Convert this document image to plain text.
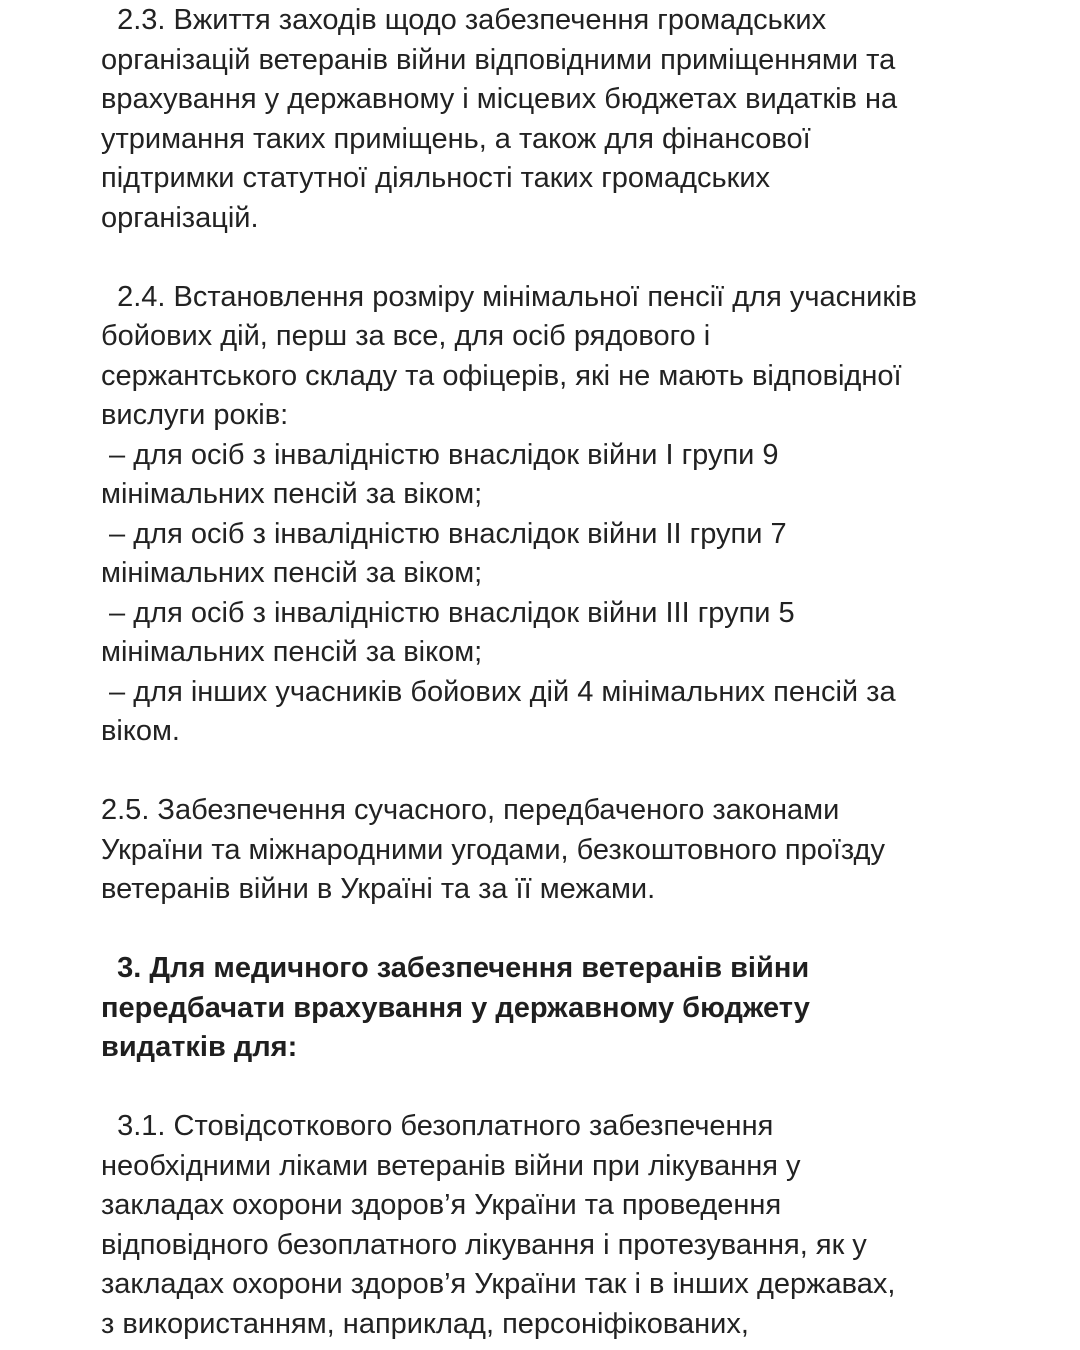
2.3. Вжиття заходів щодо забезпечення громадських
організацій ветеранів війни відповідними приміщеннями та
врахування у державному і місцевих бюджетах видатків на
утримання таких приміщень, а також для фінансової
підтримки статутної діяльності таких громадських
організацій.
2.4. Встановлення розміру мінімальної пенсії для учасників
бойових дій, перш за все, для осіб рядового і
сержантського складу та офіцерів, які не мають відповідної
вислуги років:
– для осіб з інвалідністю внаслідок війни І групи 9
мінімальних пенсій за віком;
– для осіб з інвалідністю внаслідок війни ІІ групи 7
мінімальних пенсій за віком;
– для осіб з інвалідністю внаслідок війни ІІІ групи 5
мінімальних пенсій за віком;
– для інших учасників бойових дій 4 мінімальних пенсій за
віком.
2.5. Забезпечення сучасного, передбаченого законами
України та міжнародними угодами, безкоштовного проїзду
ветеранів війни в Україні та за її межами.
3. Для медичного забезпечення ветеранів війни
передбачати врахування у державному бюджету
видатків для:
3.1. Стовідсоткового безоплатного забезпечення
необхідними ліками ветеранів війни при лікування у
закладах охорони здоров’я України та проведення
відповідного безоплатного лікування і протезування, як у
закладах охорони здоров’я України так і в інших державах,
з використанням, наприклад, персоніфікованих,
